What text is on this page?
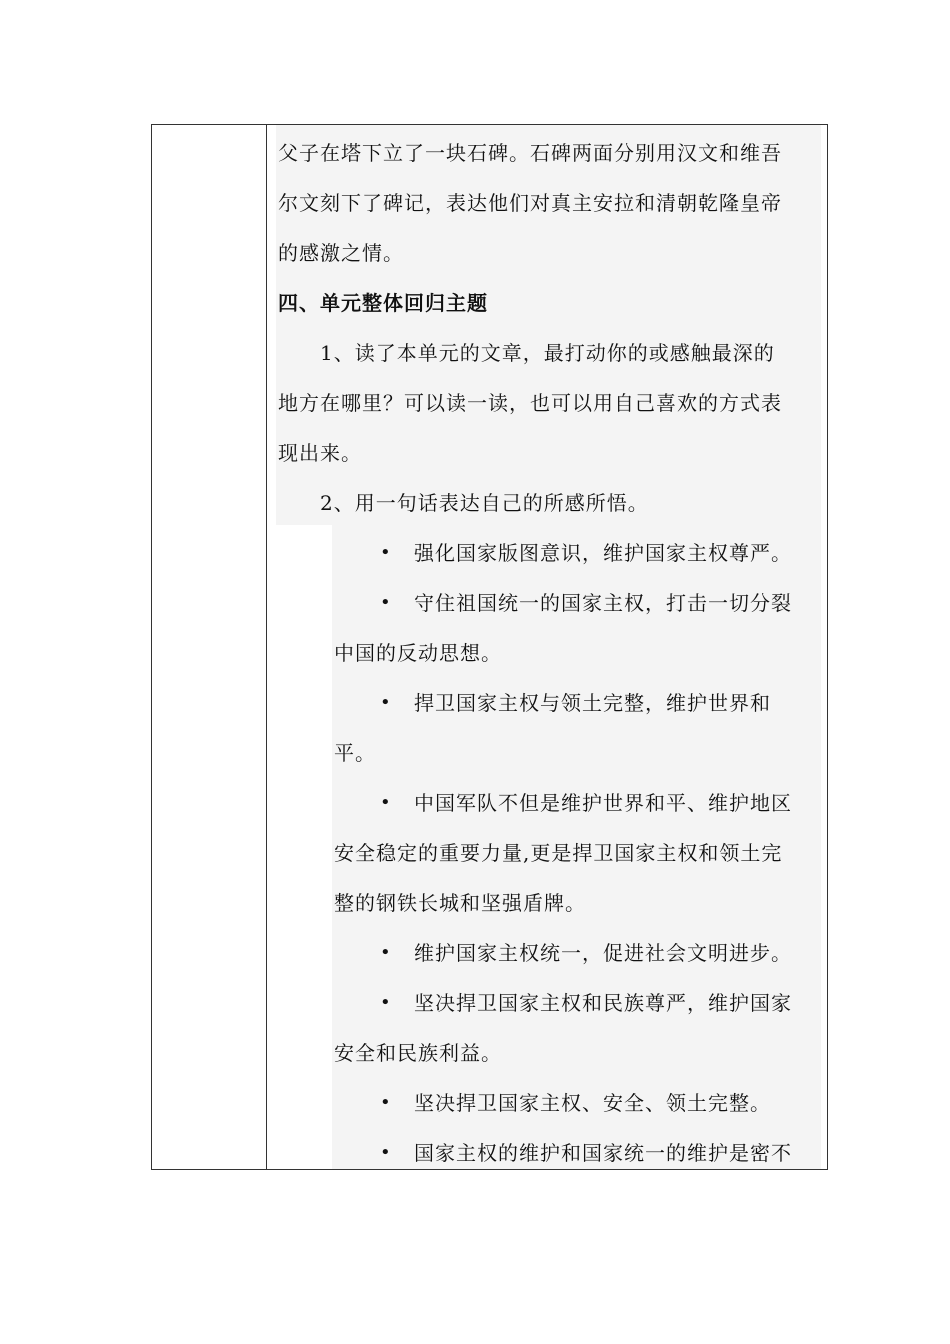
父子在塔下立了一块石碑。石碑两面分别用汉文和维吾
尔文刻下了碑记，表达他们对真主安拉和清朝乾隆皇帝
的感激之情。
四、单元整体回归主题
1、读了本单元的文章，最打动你的或感触最深的
地方在哪里？可以读一读，也可以用自己喜欢的方式表
现出来。
2、用一句话表达自己的所感所悟。
• 强化国家版图意识，维护国家主权尊严。
• 守住祖国统一的国家主权，打击一切分裂
中国的反动思想。
• 捍卫国家主权与领土完整，维护世界和
平。
• 中国军队不但是维护世界和平、维护地区
安全稳定的重要力量,更是捍卫国家主权和领土完
整的钢铁长城和坚强盾牌。
• 维护国家主权统一，促进社会文明进步。
• 坚决捍卫国家主权和民族尊严，维护国家
安全和民族利益。
• 坚决捍卫国家主权、安全、领土完整。
• 国家主权的维护和国家统一的维护是密不
